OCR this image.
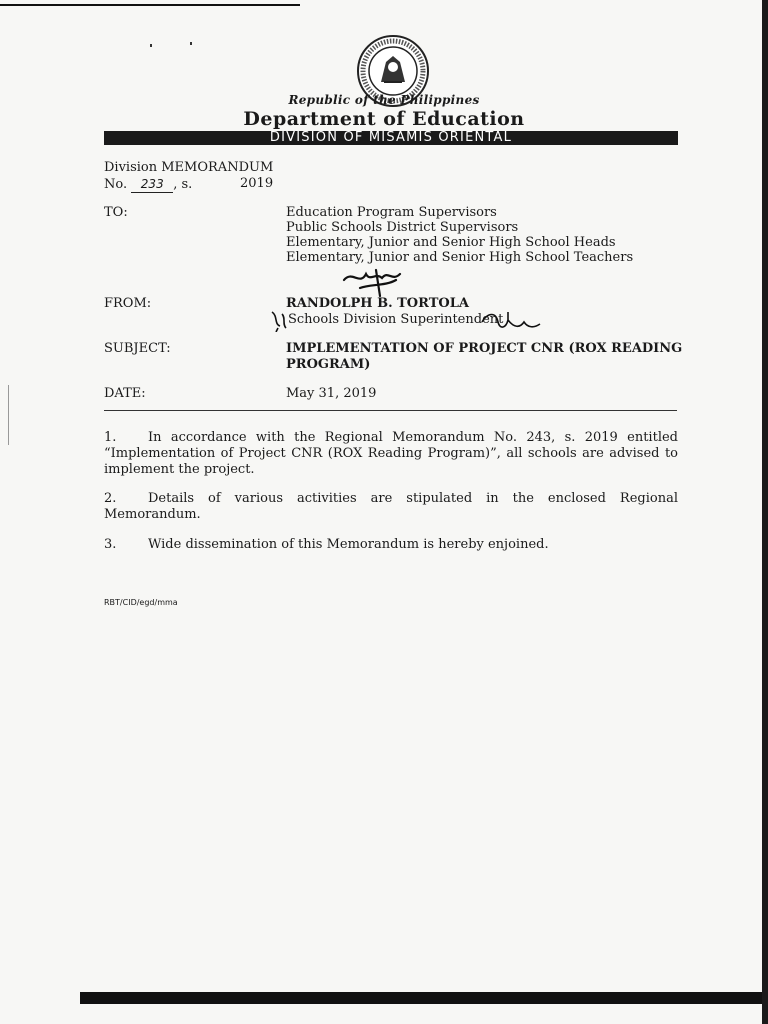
Republic of the Philippines
Department of Education
DIVISION OF MISAMIS ORIENTAL
Division MEMORANDUM
No. 233 , s.	2019
TO:	Education Program Supervisors
Public Schools District Supervisors
Elementary, Junior and Senior High School Heads
Elementary, Junior and Senior High School Teachers
FROM:	RANDOLPH B. TORTOLA
Schools Division Superintendent
SUBJECT:	IMPLEMENTATION OF PROJECT CNR (ROX READING
PROGRAM)
DATE:	May 31, 2019
1. In accordance with the Regional Memorandum No. 243, s. 2019 entitled “Implementation of Project CNR (ROX Reading Program)”, all schools are advised to implement the project.
2. Details of various activities are stipulated in the enclosed Regional Memorandum.
3. Wide dissemination of this Memorandum is hereby enjoined.
RBT/CID/egd/mma
